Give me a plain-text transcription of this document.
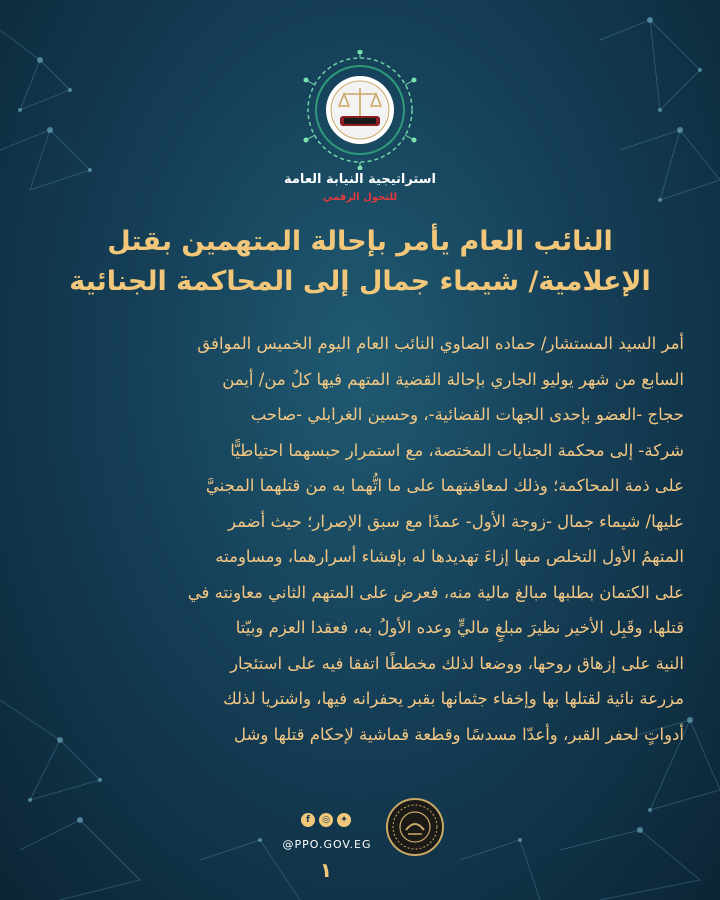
استراتيجية النيابة العامة
للتحول الرقمي
النائب العام يأمر بإحالة المتهمين بقتل
الإعلامية/ شيماء جمال إلى المحاكمة الجنائية
أمر السيد المستشار/ حماده الصاوي النائب العام اليوم الخميس الموافق
السابع من شهر يوليو الجاري بإحالة القضية المتهم فيها كلٌ من/ أيمن
حجاج -العضو بإحدى الجهات القضائية-، وحسين الغرابلي -صاحب
شركة- إلى محكمة الجنايات المختصة، مع استمرار حبسهما احتياطيًّا
على ذمة المحاكمة؛ وذلك لمعاقبتهما على ما اتُّهما به من قتلهما المجنيَّ
عليها/ شيماء جمال -زوجة الأول- عمدًا مع سبق الإصرار؛ حيث أضمر
المتهمُ الأول التخلص منها إزاءَ تهديدها له بإفشاء أسرارهما، ومساومته
على الكتمان بطلبها مبالغ مالية منه، فعرض على المتهم الثاني معاونته في
قتلها، وقَبِل الأخير نظيرَ مبلغٍ ماليٍّ وعده الأولُ به، فعقدا العزم وبيّتا
النية على إزهاق روحها، ووضعا لذلك مخططًا اتفقا فيه على استئجار
مزرعة نائية لقتلها بها وإخفاء جثمانها بقبر يحفرانه فيها، واشتريا لذلك
أدواتٍ لحفر القبر، وأعدّا مسدسًا وقطعة قماشية لإحكام قتلها وشل
f	◎	✦
@PPO.GOV.EG
١
